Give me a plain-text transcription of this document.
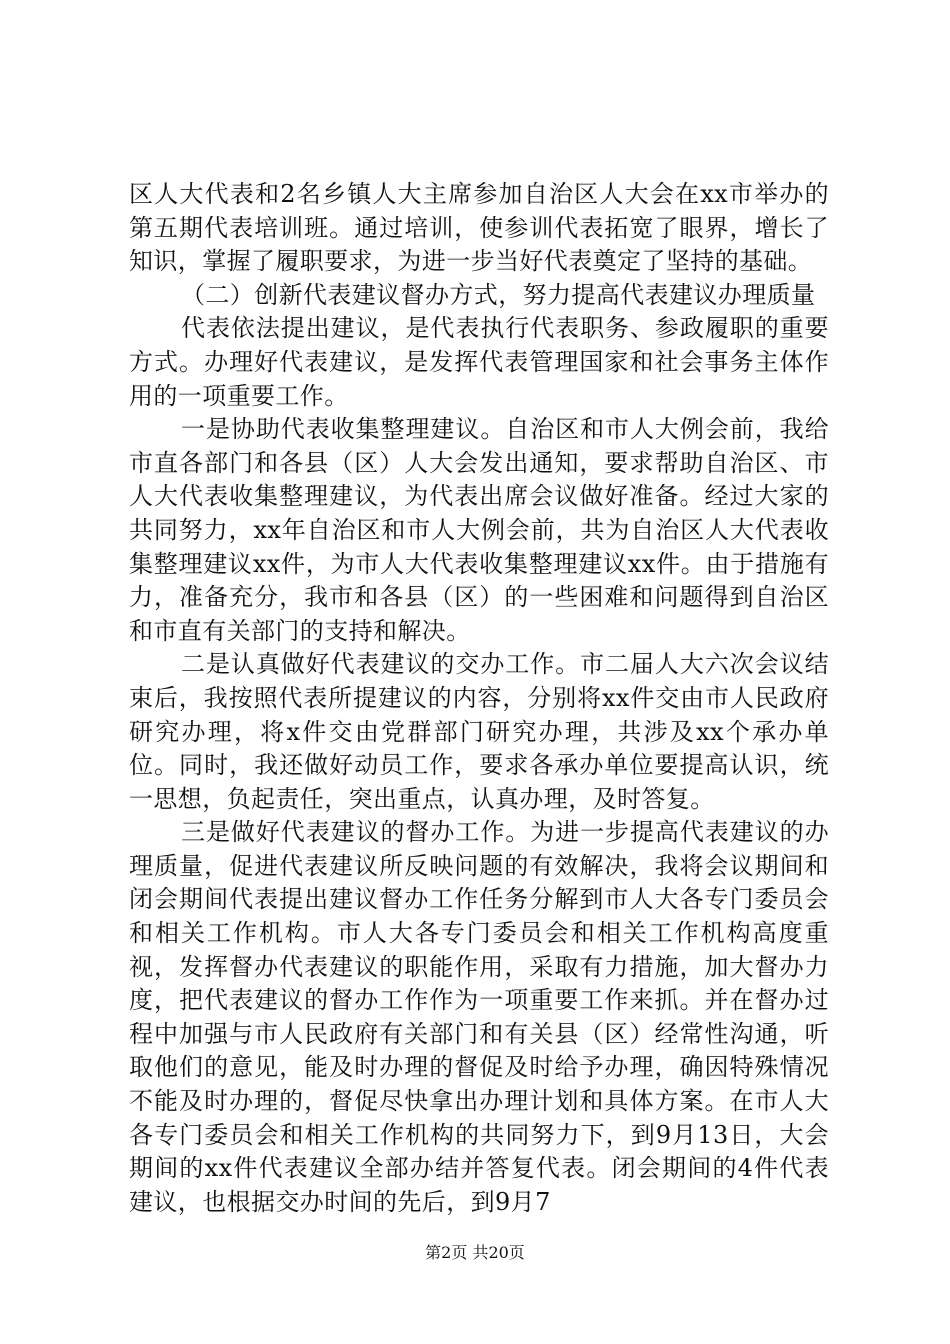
区人大代表和2名乡镇人大主席参加自治区人大会在xx市举办的第五期代表培训班。通过培训，使参训代表拓宽了眼界，增长了知识，掌握了履职要求，为进一步当好代表奠定了坚持的基础。

（二）创新代表建议督办方式，努力提高代表建议办理质量

代表依法提出建议，是代表执行代表职务、参政履职的重要方式。办理好代表建议，是发挥代表管理国家和社会事务主体作用的一项重要工作。

一是协助代表收集整理建议。自治区和市人大例会前，我给市直各部门和各县（区）人大会发出通知，要求帮助自治区、市人大代表收集整理建议，为代表出席会议做好准备。经过大家的共同努力，xx年自治区和市人大例会前，共为自治区人大代表收集整理建议xx件，为市人大代表收集整理建议xx件。由于措施有力，准备充分，我市和各县（区）的一些困难和问题得到自治区和市直有关部门的支持和解决。

二是认真做好代表建议的交办工作。市二届人大六次会议结束后，我按照代表所提建议的内容，分别将xx件交由市人民政府研究办理，将x件交由党群部门研究办理，共涉及xx个承办单位。同时，我还做好动员工作，要求各承办单位要提高认识，统一思想，负起责任，突出重点，认真办理，及时答复。

三是做好代表建议的督办工作。为进一步提高代表建议的办理质量，促进代表建议所反映问题的有效解决，我将会议期间和闭会期间代表提出建议督办工作任务分解到市人大各专门委员会和相关工作机构。市人大各专门委员会和相关工作机构高度重视，发挥督办代表建议的职能作用，采取有力措施，加大督办力度，把代表建议的督办工作作为一项重要工作来抓。并在督办过程中加强与市人民政府有关部门和有关县（区）经常性沟通，听取他们的意见，能及时办理的督促及时给予办理，确因特殊情况不能及时办理的，督促尽快拿出办理计划和具体方案。在市人大各专门委员会和相关工作机构的共同努力下，到9月13日，大会期间的xx件代表建议全部办结并答复代表。闭会期间的4件代表建议，也根据交办时间的先后，到9月7

第2页 共20页
